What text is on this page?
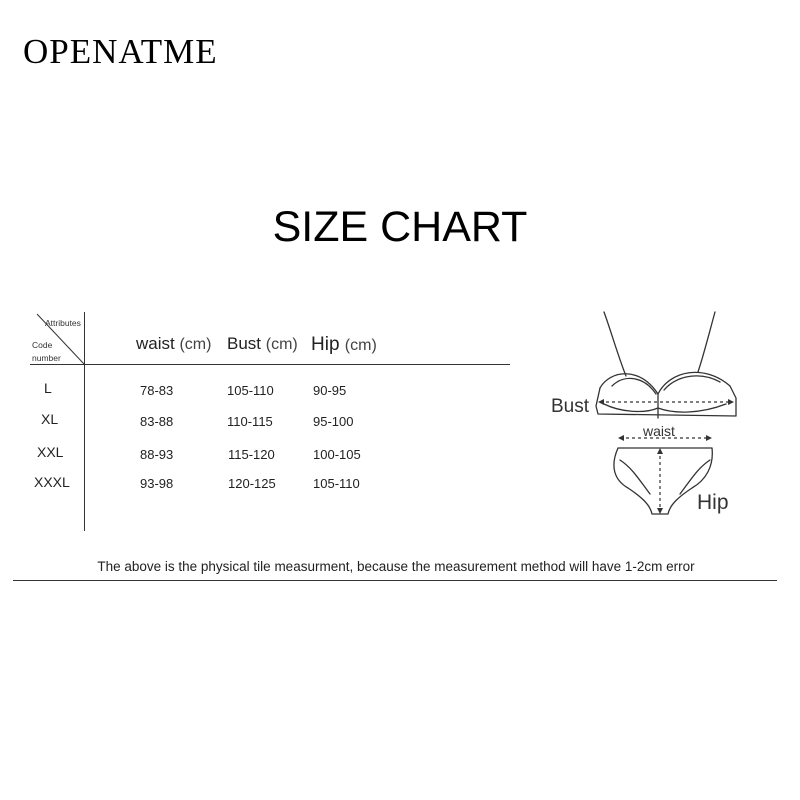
OPENATME
SIZE CHART
Attributes
Code
number
waist (cm) Bust (cm) Hip (cm)
L	78-83	105-110	90-95
XL	83-88	110-115	95-100
XXL	88-93	115-120	100-105
XXXL	93-98	120-125	105-110
Bust
waist
Hip
The above is the physical tile measurment, because the measurement method will have 1-2cm error
